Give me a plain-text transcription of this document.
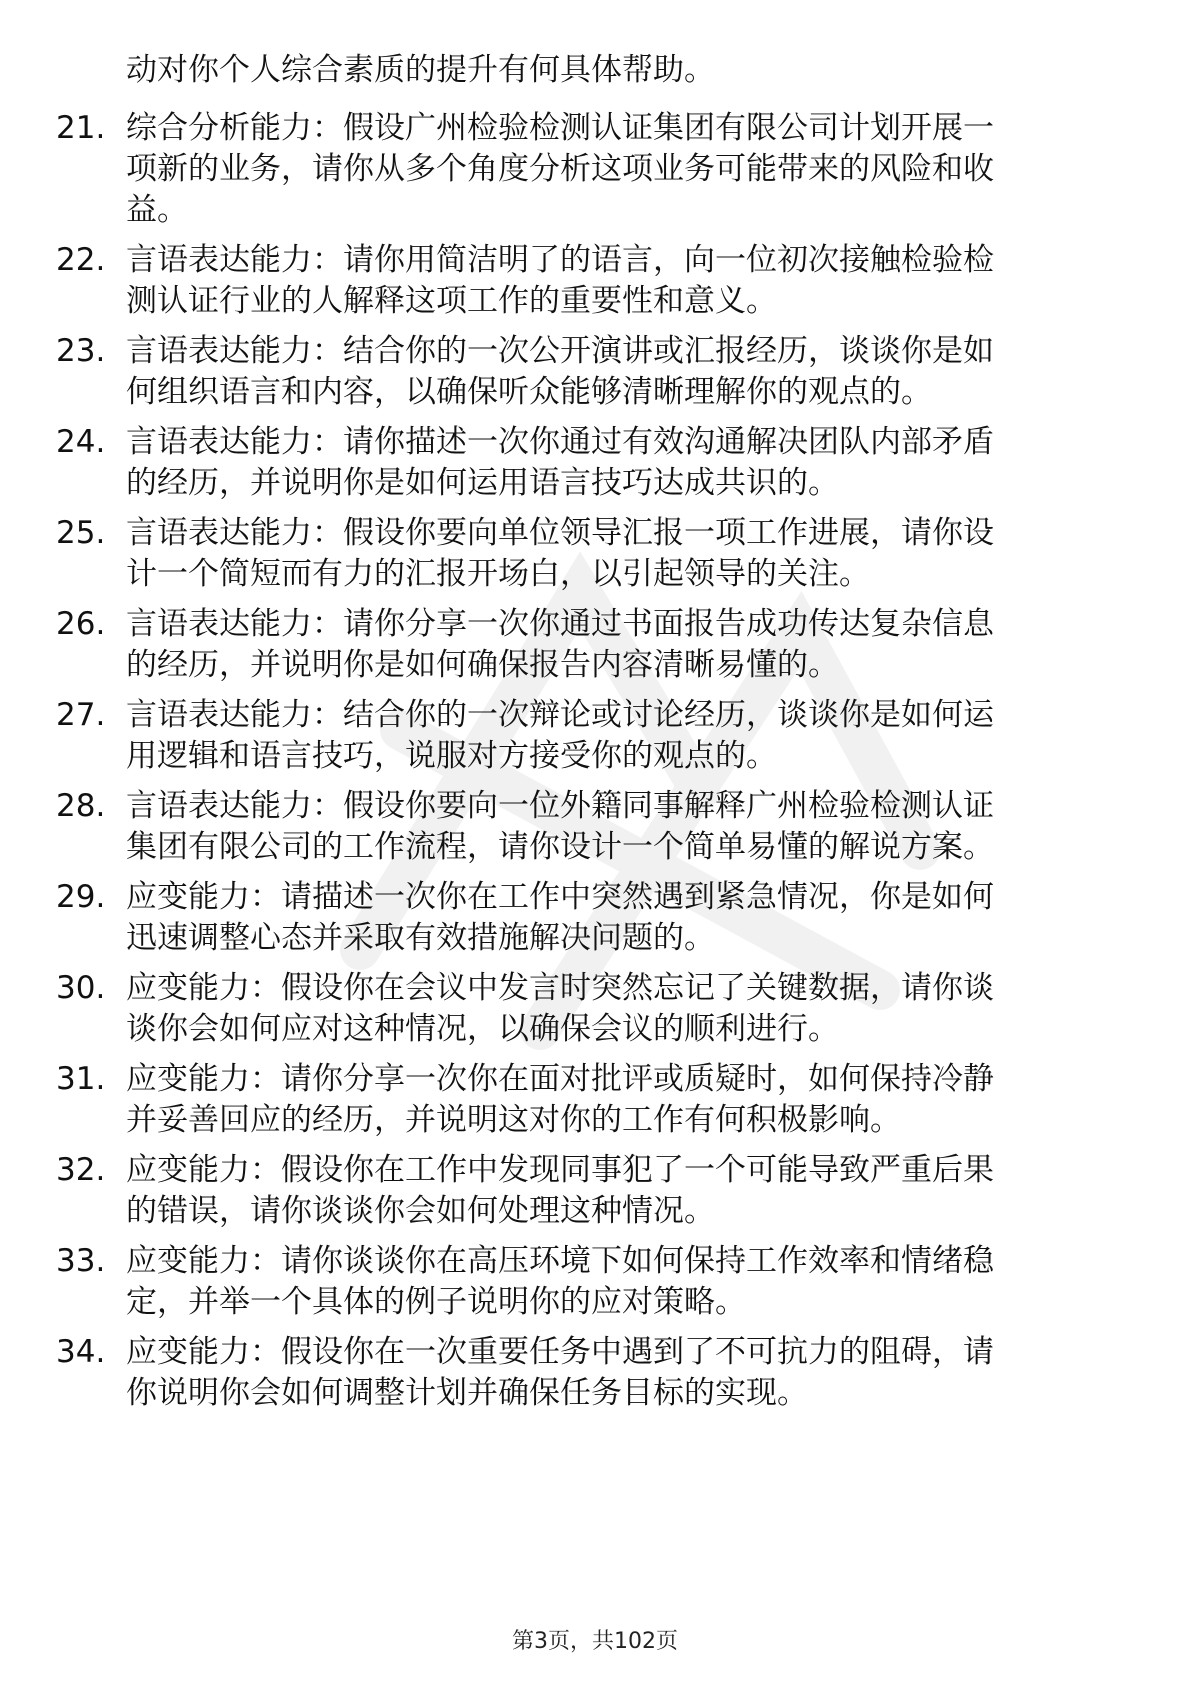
动对你个人综合素质的提升有何具体帮助。
21. 综合分析能力：假设广州检验检测认证集团有限公司计划开展一
项新的业务，请你从多个角度分析这项业务可能带来的风险和收
益。

22. 言语表达能力：请你用简洁明了的语言，向一位初次接触检验检
测认证行业的人解释这项工作的重要性和意义。

23. 言语表达能力：结合你的一次公开演讲或汇报经历，谈谈你是如
何组织语言和内容，以确保听众能够清晰理解你的观点的。

24. 言语表达能力：请你描述一次你通过有效沟通解决团队内部矛盾
的经历，并说明你是如何运用语言技巧达成共识的。

25. 言语表达能力：假设你要向单位领导汇报一项工作进展，请你设
计一个简短而有力的汇报开场白，以引起领导的关注。

26. 言语表达能力：请你分享一次你通过书面报告成功传达复杂信息
的经历，并说明你是如何确保报告内容清晰易懂的。

27. 言语表达能力：结合你的一次辩论或讨论经历，谈谈你是如何运
用逻辑和语言技巧，说服对方接受你的观点的。

28. 言语表达能力：假设你要向一位外籍同事解释广州检验检测认证
集团有限公司的工作流程，请你设计一个简单易懂的解说方案。

29. 应变能力：请描述一次你在工作中突然遇到紧急情况，你是如何
迅速调整心态并采取有效措施解决问题的。

30. 应变能力：假设你在会议中发言时突然忘记了关键数据，请你谈
谈你会如何应对这种情况，以确保会议的顺利进行。

31. 应变能力：请你分享一次你在面对批评或质疑时，如何保持冷静
并妥善回应的经历，并说明这对你的工作有何积极影响。

32. 应变能力：假设你在工作中发现同事犯了一个可能导致严重后果
的错误，请你谈谈你会如何处理这种情况。

33. 应变能力：请你谈谈你在高压环境下如何保持工作效率和情绪稳
定，并举一个具体的例子说明你的应对策略。

34. 应变能力：假设你在一次重要任务中遇到了不可抗力的阻碍，请
你说明你会如何调整计划并确保任务目标的实现。

第3页，共102页
